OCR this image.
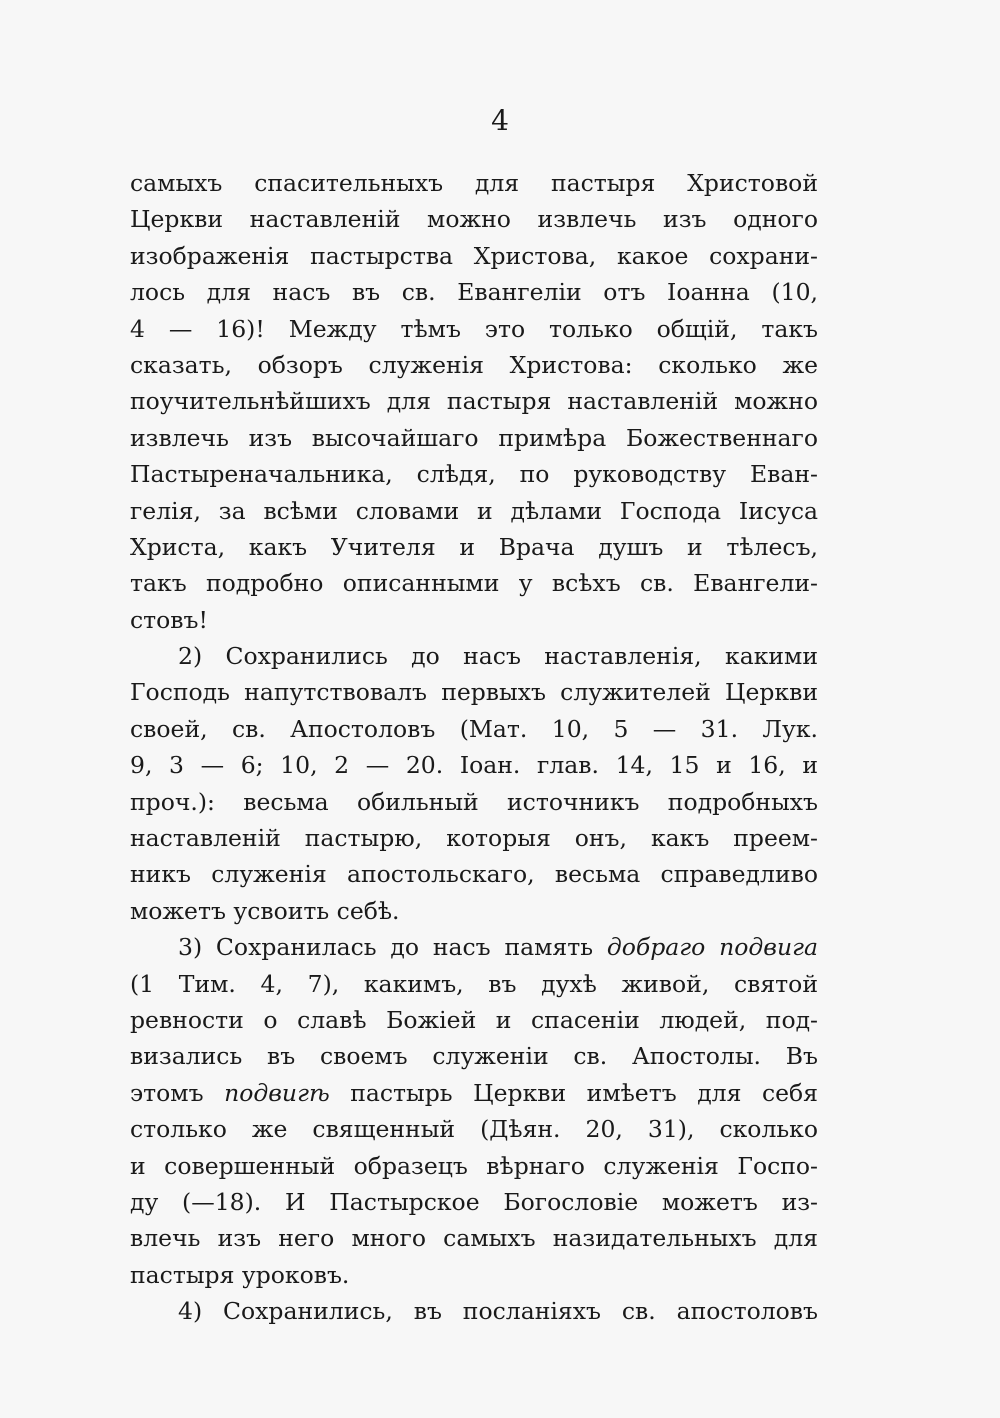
4
самыхъ спасительныхъ для пастыря Христовой
Церкви наставленій можно извлечь изъ одного
изображенія пастырства Христова, какое сохрани-
лось для насъ въ св. Евангеліи отъ Іоанна (10,
4 — 16)! Между тѣмъ это только общій, такъ
сказать, обзоръ служенія Христова: сколько же
поучительнѣйшихъ для пастыря наставленій можно
извлечь изъ высочайшаго примѣра Божественнаго
Пастыреначальника, слѣдя, по руководству Еван-
гелія, за всѣми словами и дѣлами Господа Іисуса
Христа, какъ Учителя и Врача душъ и тѣлесъ,
такъ подробно описанными у всѣхъ св. Евангели-
стовъ!
2) Сохранились до насъ наставленія, какими
Господь напутствовалъ первыхъ служителей Церкви
своей, св. Апостоловъ (Мат. 10, 5 — 31. Лук.
9, 3 — 6; 10, 2 — 20. Іоан. глав. 14, 15 и 16, и
проч.): весьма обильный источникъ подробныхъ
наставленій пастырю, которыя онъ, какъ преем-
никъ служенія апостольскаго, весьма справедливо
можетъ усвоить себѣ.
3) Сохранилась до насъ память добраго подвига
(1 Тим. 4, 7), какимъ, въ духѣ живой, святой
ревности о славѣ Божіей и спасеніи людей, под-
визались въ своемъ служеніи св. Апостолы. Въ
этомъ подвигѣ пастырь Церкви имѣетъ для себя
столько же священный (Дѣян. 20, 31), сколько
и совершенный образецъ вѣрнаго служенія Госпо-
ду (—18). И Пастырское Богословіе можетъ из-
влечь изъ него много самыхъ назидательныхъ для
пастыря уроковъ.
4) Сохранились, въ посланіяхъ св. апостоловъ
